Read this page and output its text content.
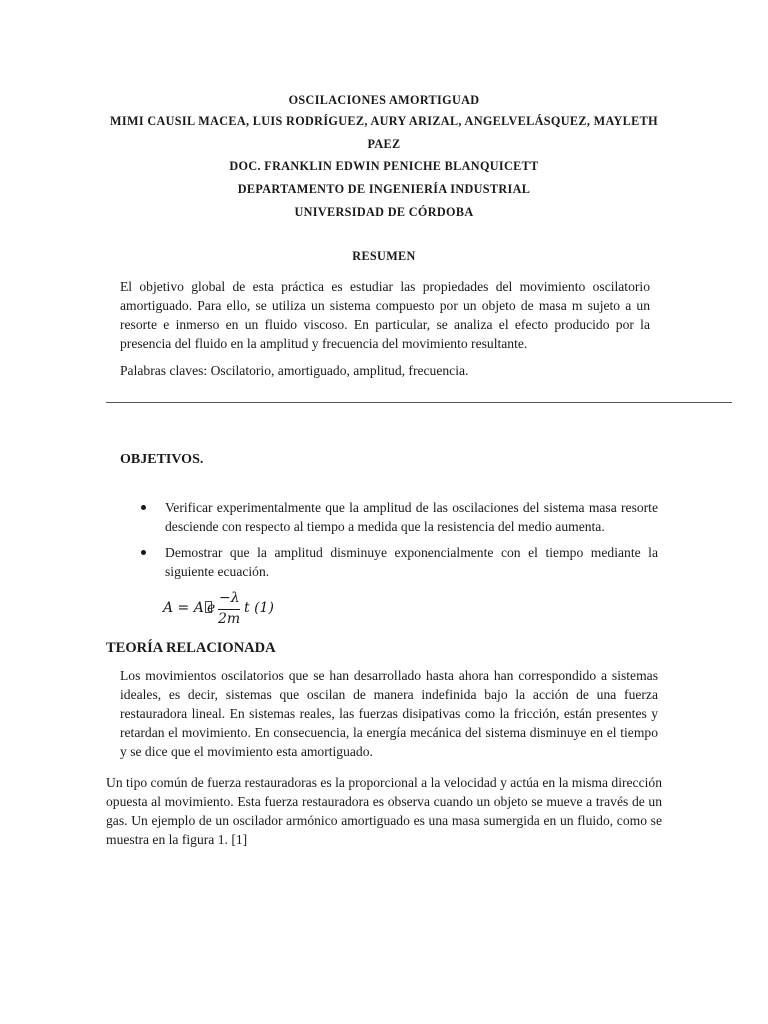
OSCILACIONES AMORTIGUAD
MIMI CAUSIL MACEA, LUIS RODRÍGUEZ, AURY ARIZAL, ANGELVELÁSQUEZ, MAYLETH PAEZ
DOC. FRANKLIN EDWIN PENICHE BLANQUICETT
DEPARTAMENTO DE INGENIERÍA INDUSTRIAL
UNIVERSIDAD DE CÓRDOBA
RESUMEN
El objetivo global de esta práctica es estudiar las propiedades del movimiento oscilatorio amortiguado. Para ello, se utiliza un sistema compuesto por un objeto de masa m sujeto a un resorte e inmerso en un fluido viscoso. En particular, se analiza el efecto producido por la presencia del fluido en la amplitud y frecuencia del movimiento resultante.
Palabras claves: Oscilatorio, amortiguado, amplitud, frecuencia.
OBJETIVOS.
Verificar experimentalmente que la amplitud de las oscilaciones del sistema masa resorte desciende con respecto al tiempo a medida que la resistencia del medio aumenta.
Demostrar que la amplitud disminuye exponencialmente con el tiempo mediante la siguiente ecuación.
A = A e
−λ
2m
t (1)
TEORÍA RELACIONADA
Los movimientos oscilatorios que se han desarrollado hasta ahora han correspondido a sistemas ideales, es decir, sistemas que oscilan de manera indefinida bajo la acción de una fuerza restauradora lineal. En sistemas reales, las fuerzas disipativas como la fricción, están presentes y retardan el movimiento. En consecuencia, la energía mecánica del sistema disminuye en el tiempo y se dice que el movimiento esta amortiguado.
Un tipo común de fuerza restauradoras es la proporcional a la velocidad y actúa en la misma dirección opuesta al movimiento. Esta fuerza restauradora es observa cuando un objeto se mueve a través de un gas. Un ejemplo de un oscilador armónico amortiguado es una masa sumergida en un fluido, como se muestra en la figura 1. [1]
